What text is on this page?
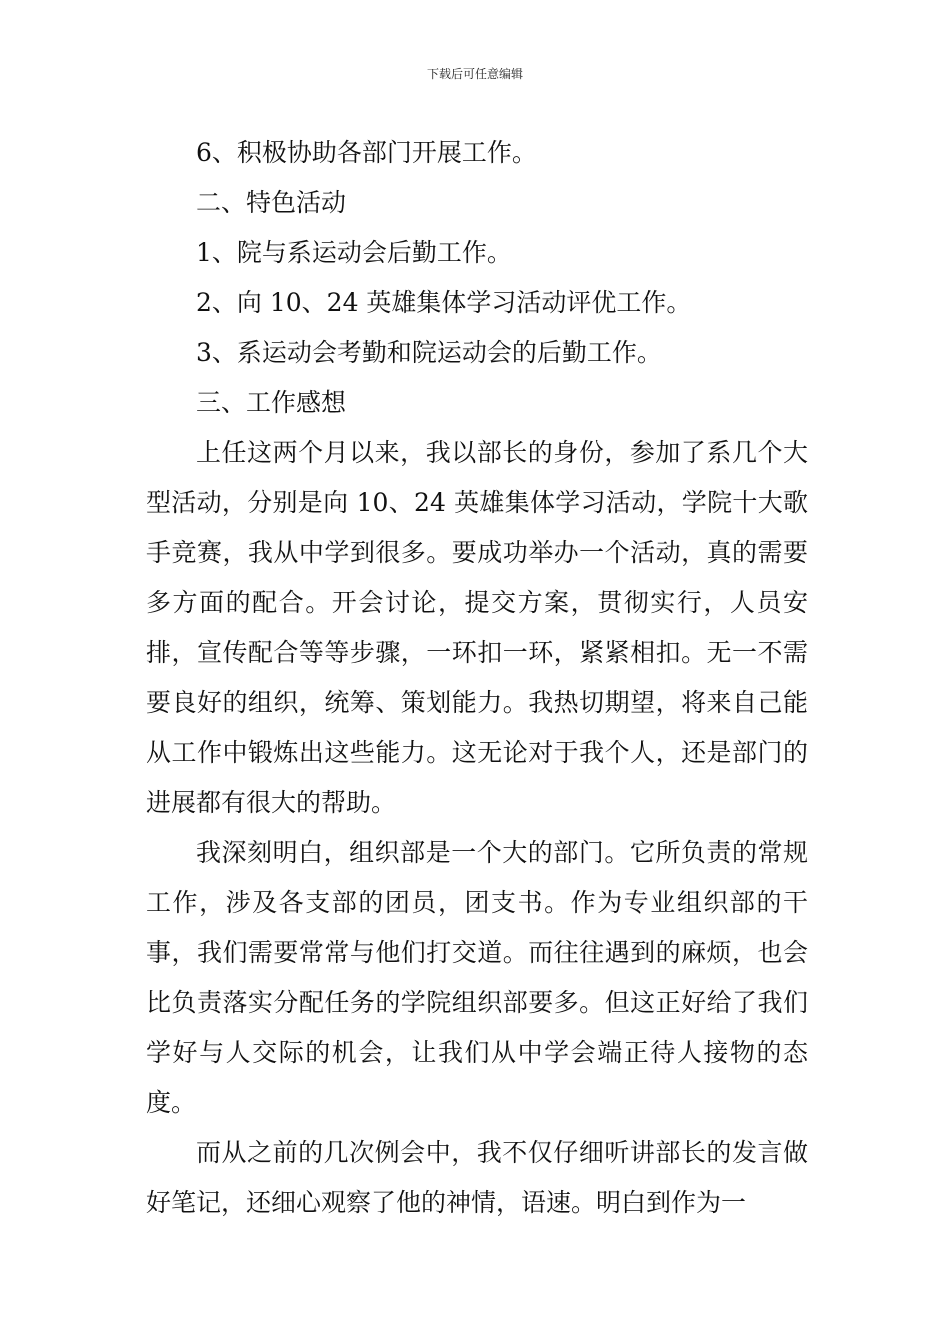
下载后可任意编辑
6、积极协助各部门开展工作。
二、特色活动
1、院与系运动会后勤工作。
2、向 10、24 英雄集体学习活动评优工作。
3、系运动会考勤和院运动会的后勤工作。
三、工作感想

上任这两个月以来，我以部长的身份，参加了系几个大型活动，分别是向 10、24 英雄集体学习活动，学院十大歌手竞赛，我从中学到很多。要成功举办一个活动，真的需要多方面的配合。开会讨论，提交方案，贯彻实行，人员安排，宣传配合等等步骤，一环扣一环，紧紧相扣。无一不需要良好的组织，统筹、策划能力。我热切期望，将来自己能从工作中锻炼出这些能力。这无论对于我个人，还是部门的进展都有很大的帮助。

我深刻明白，组织部是一个大的部门。它所负责的常规工作，涉及各支部的团员，团支书。作为专业组织部的干事，我们需要常常与他们打交道。而往往遇到的麻烦，也会比负责落实分配任务的学院组织部要多。但这正好给了我们学好与人交际的机会，让我们从中学会端正待人接物的态度。

而从之前的几次例会中，我不仅仔细听讲部长的发言做好笔记，还细心观察了他的神情，语速。明白到作为一
